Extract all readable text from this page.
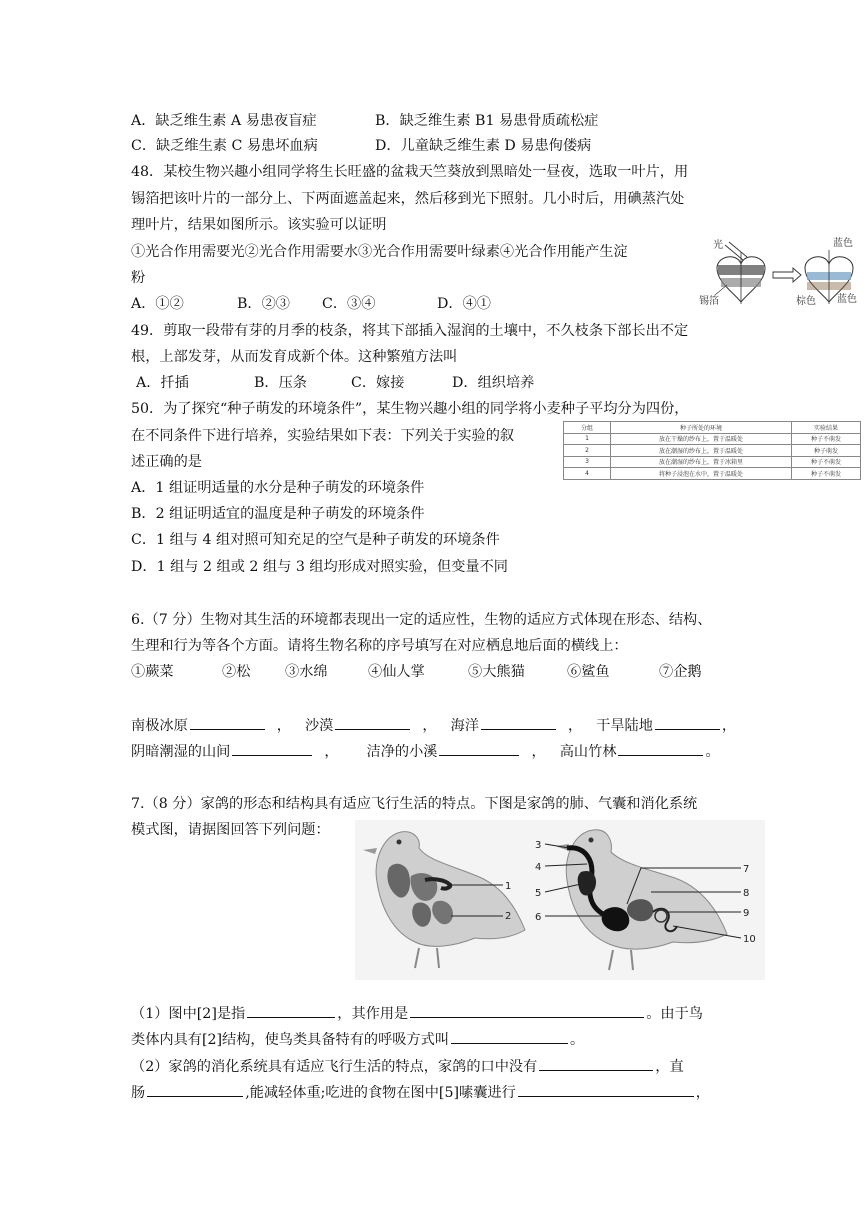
A．缺乏维生素 A 易患夜盲症	B．缺乏维生素 B1 易患骨质疏松症
C．缺乏维生素 C 易患坏血病	D．儿童缺乏维生素 D 易患佝偻病
48．某校生物兴趣小组同学将生长旺盛的盆栽天竺葵放到黑暗处一昼夜，选取一叶片，用
锡箔把该叶片的一部分上、下两面遮盖起来，然后移到光下照射。几小时后，用碘蒸汽处
理叶片，结果如图所示。该实验可以证明
①光合作用需要光②光合作用需要水③光合作用需要叶绿素④光合作用能产生淀
粉
A．①②	B．②③ C．③④	D．④①
光
锡箔
蓝色
棕色 蓝色
49．剪取一段带有芽的月季的枝条，将其下部插入湿润的土壤中，不久枝条下部长出不定
根，上部发芽，从而发育成新个体。这种繁殖方法叫
A．扦插	B．压条	C．嫁接	D．组织培养
50．为了探究“种子萌发的环境条件”，某生物兴趣小组的同学将小麦种子平均分为四份，
在不同条件下进行培养，实验结果如下表：下列关于实验的叙
述正确的是
A．1 组证明适量的水分是种子萌发的环境条件
B．2 组证明适宜的温度是种子萌发的环境条件
C．1 组与 4 组对照可知充足的空气是种子萌发的环境条件
D．1 组与 2 组或 2 组与 3 组均形成对照实验，但变量不同
分组	种子所处的环境	实验结果
1	放在干燥的纱布上，置于温暖处	种子不萌发
2	放在潮湿的纱布上，置于温暖处	种子萌发
3	放在潮湿的纱布上，置于冰箱里	种子不萌发
4	将种子浸泡在水中，置于温暖处	种子不萌发
6.（7 分）生物对其生活的环境都表现出一定的适应性，生物的适应方式体现在形态、结构、
生理和行为等各个方面。请将生物名称的序号填写在对应栖息地后面的横线上：
①蕨菜	②松 ③水绵	④仙人掌	⑤大熊猫	⑥鲨鱼	⑦企鹅
南极冰原	， 沙漠	， 海洋	， 干旱陆地	，
阴暗潮湿的山间	， 洁净的小溪	， 高山竹林	。
7.（8 分）家鸽的形态和结构具有适应飞行生活的特点。下图是家鸽的肺、气囊和消化系统
模式图，请据图回答下列问题：
1
2
3
4
5
6
7
8
9
10
（1）图中[2]是指	，其作用是	。由于鸟
类体内具有[2]结构，使鸟类具备特有的呼吸方式叫	。
（2）家鸽的消化系统具有适应飞行生活的特点，家鸽的口中没有	，直
肠	,能减轻体重;吃进的食物在图中[5]嗉囊进行	，
